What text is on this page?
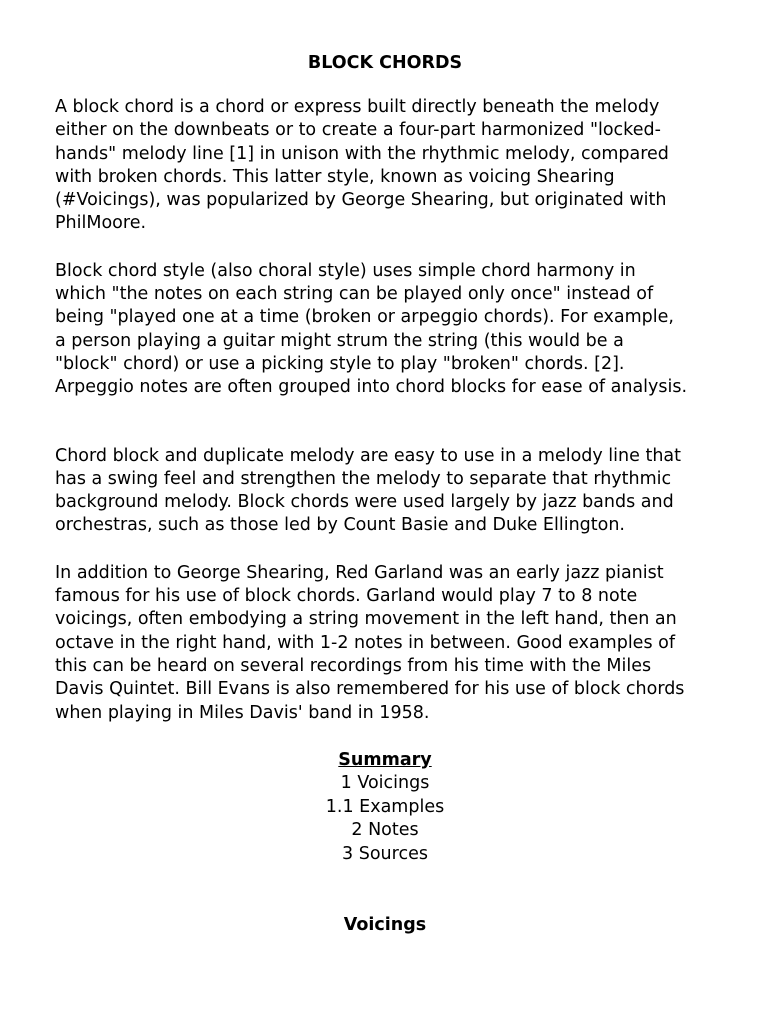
BLOCK CHORDS
A block chord is a chord or express built directly beneath the melody
either on the downbeats or to create a four-part harmonized "locked-
hands" melody line [1] in unison with the rhythmic melody, compared
with broken chords. This latter style, known as voicing Shearing
(#Voicings), was popularized by George Shearing, but originated with
PhilMoore.
Block chord style (also choral style) uses simple chord harmony in
which "the notes on each string can be played only once" instead of
being "played one at a time (broken or arpeggio chords). For example,
a person playing a guitar might strum the string (this would be a
"block" chord) or use a picking style to play "broken" chords. [2].
Arpeggio notes are often grouped into chord blocks for ease of analysis.
Chord block and duplicate melody are easy to use in a melody line that
has a swing feel and strengthen the melody to separate that rhythmic
background melody. Block chords were used largely by jazz bands and
orchestras, such as those led by Count Basie and Duke Ellington.
In addition to George Shearing, Red Garland was an early jazz pianist
famous for his use of block chords. Garland would play 7 to 8 note
voicings, often embodying a string movement in the left hand, then an
octave in the right hand, with 1-2 notes in between. Good examples of
this can be heard on several recordings from his time with the Miles
Davis Quintet. Bill Evans is also remembered for his use of block chords
when playing in Miles Davis' band in 1958.
Summary
1 Voicings
1.1 Examples
2 Notes
3 Sources
Voicings
